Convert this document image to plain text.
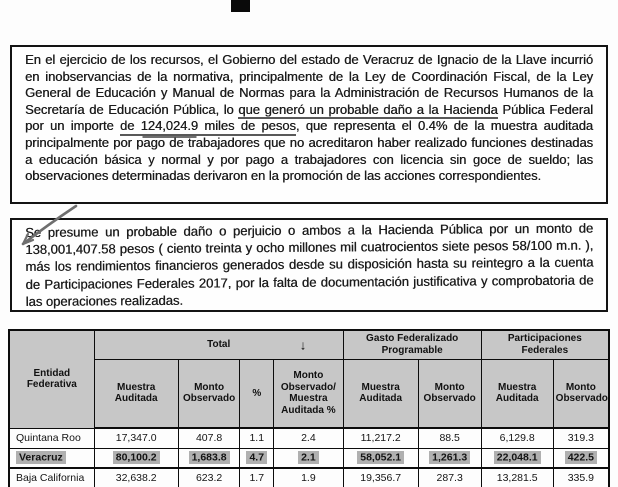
En el ejercicio de los recursos, el Gobierno del estado de Veracruz de Ignacio de la Llave incurrió en inobservancias de la normativa, principalmente de la Ley de Coordinación Fiscal, de la Ley General de Educación y Manual de Normas para la Administración de Recursos Humanos de la Secretaría de Educación Pública, lo que generó un probable daño a la Hacienda Pública Federal por un importe de 124,024.9 miles de pesos, que representa el 0.4% de la muestra auditada principalmente por pago de trabajadores que no acreditaron haber realizado funciones destinadas a educación básica y normal y por pago a trabajadores con licencia sin goce de sueldo; las observaciones determinadas derivaron en la promoción de las acciones correspondientes.
Se presume un probable daño o perjuicio o ambos a la Hacienda Pública por un monto de 138,001,407.58 pesos ( ciento treinta y ocho millones mil cuatrocientos siete pesos 58/100 m.n. ), más los rendimientos financieros generados desde su disposición hasta su reintegro a la cuenta de Participaciones Federales 2017, por la falta de documentación justificativa y comprobatoria de las operaciones realizadas.
Entidad Federativa	Total ↓				Gasto Federalizado Programable		Participaciones Federales	
	Muestra Auditada	Monto Observado	%	Monto Observado/ Muestra Auditada %	Muestra Auditada	Monto Observado	Muestra Auditada	Monto Observado
Quintana Roo	17,347.0	407.8	1.1	2.4	11,217.2	88.5	6,129.8	319.3
Veracruz	80,100.2	1,683.8	4.7	2.1	58,052.1	1,261.3	22,048.1	422.5
Baja California	32,638.2	623.2	1.7	1.9	19,356.7	287.3	13,281.5	335.9
